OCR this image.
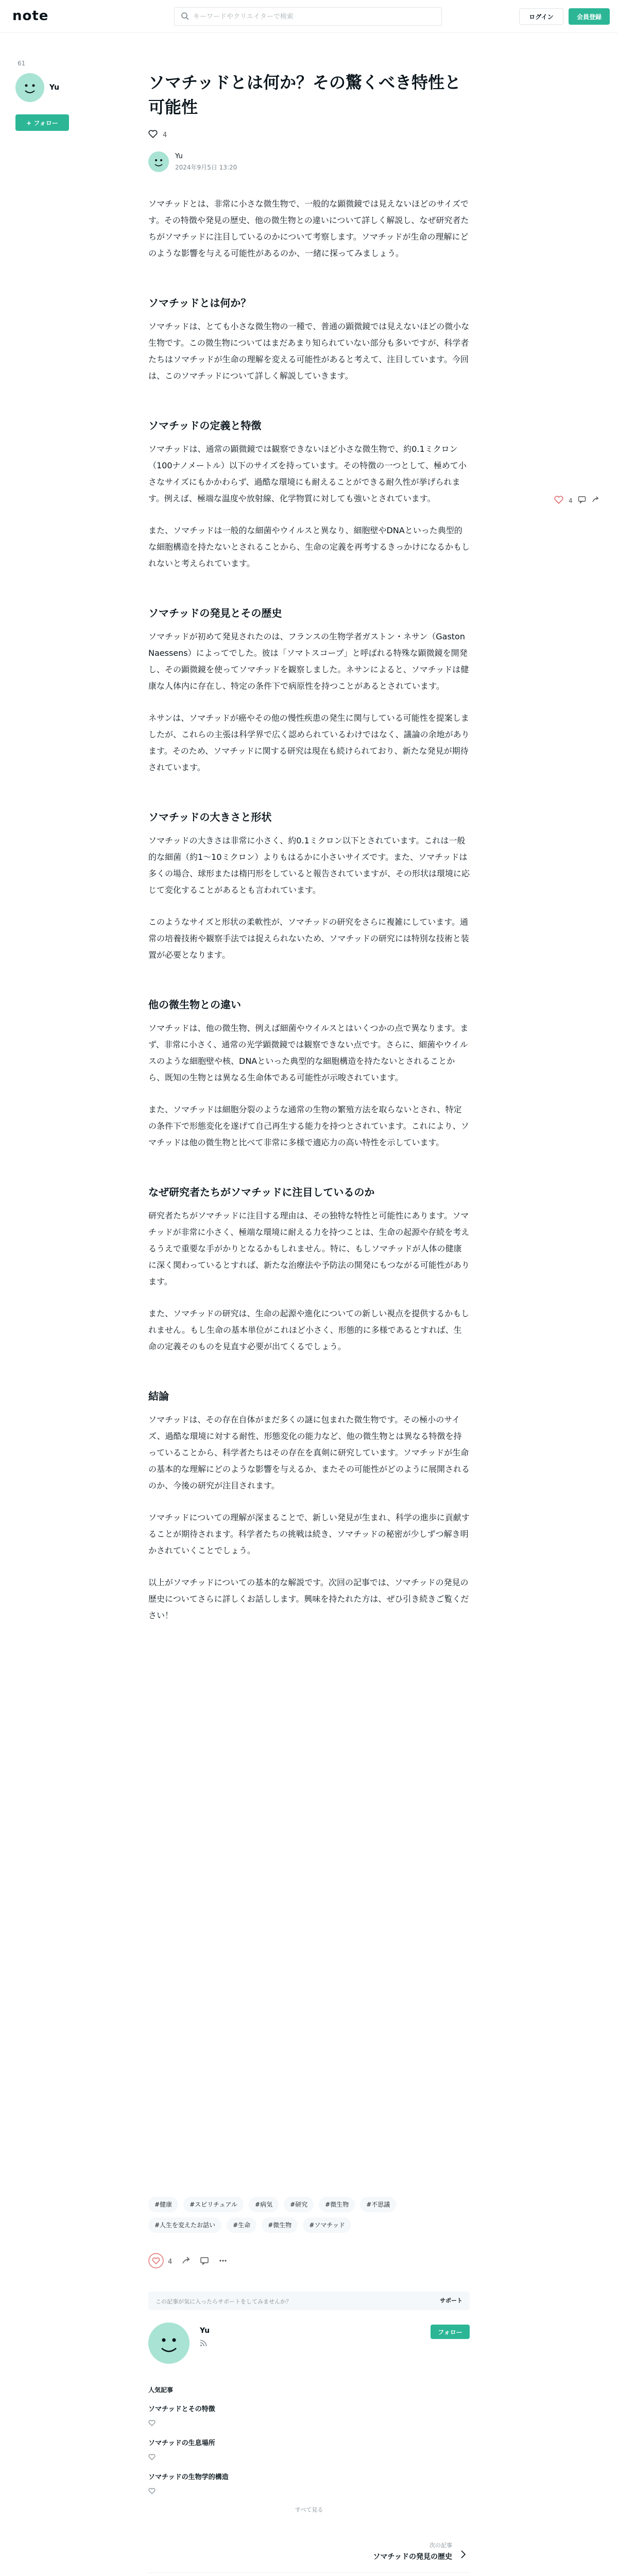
note
キーワードやクリエイターで検索	ログイン	会員登録
61
Yu
+ フォロー
4
ソマチッドとは何か？その驚くべき特性と可能性
4
Yu
2024年9月5日 13:20

ソマチッドとは、非常に小さな微生物で、一般的な顕微鏡では見えないほどのサイズです。その特徴や発見の歴史、他の微生物との違いについて詳しく解説し、なぜ研究者たちがソマチッドに注目しているのかについて考察します。ソマチッドが生命の理解にどのような影響を与える可能性があるのか、一緒に探ってみましょう。

ソマチッドとは何か？

ソマチッドは、とても小さな微生物の一種で、普通の顕微鏡では見えないほどの微小な生物です。この微生物についてはまだあまり知られていない部分も多いですが、科学者たちはソマチッドが生命の理解を変える可能性があると考えて、注目しています。今回は、このソマチッドについて詳しく解説していきます。

ソマチッドの定義と特徴

ソマチッドは、通常の顕微鏡では観察できないほど小さな微生物で、約0.1ミクロン（100ナノメートル）以下のサイズを持っています。その特徴の一つとして、極めて小さなサイズにもかかわらず、過酷な環境にも耐えることができる耐久性が挙げられます。例えば、極端な温度や放射線、化学物質に対しても強いとされています。

また、ソマチッドは一般的な細菌やウイルスと異なり、細胞壁やDNAといった典型的な細胞構造を持たないとされることから、生命の定義を再考するきっかけになるかもしれないと考えられています。

ソマチッドの発見とその歴史

ソマチッドが初めて発見されたのは、フランスの生物学者ガストン・ネサン（Gaston Naessens）によってでした。彼は「ソマトスコープ」と呼ばれる特殊な顕微鏡を開発し、その顕微鏡を使ってソマチッドを観察しました。ネサンによると、ソマチッドは健康な人体内に存在し、特定の条件下で病原性を持つことがあるとされています。

ネサンは、ソマチッドが癌やその他の慢性疾患の発生に関与している可能性を提案しましたが、これらの主張は科学界で広く認められているわけではなく、議論の余地があります。そのため、ソマチッドに関する研究は現在も続けられており、新たな発見が期待されています。

ソマチッドの大きさと形状

ソマチッドの大きさは非常に小さく、約0.1ミクロン以下とされています。これは一般的な細菌（約1〜10ミクロン）よりもはるかに小さいサイズです。また、ソマチッドは多くの場合、球形または楕円形をしていると報告されていますが、その形状は環境に応じて変化することがあるとも言われています。

このようなサイズと形状の柔軟性が、ソマチッドの研究をさらに複雑にしています。通常の培養技術や観察手法では捉えられないため、ソマチッドの研究には特別な技術と装置が必要となります。

他の微生物との違い

ソマチッドは、他の微生物、例えば細菌やウイルスとはいくつかの点で異なります。まず、非常に小さく、通常の光学顕微鏡では観察できない点です。さらに、細菌やウイルスのような細胞壁や核、DNAといった典型的な細胞構造を持たないとされることから、既知の生物とは異なる生命体である可能性が示唆されています。

また、ソマチッドは細胞分裂のような通常の生物の繁殖方法を取らないとされ、特定の条件下で形態変化を遂げて自己再生する能力を持つとされています。これにより、ソマチッドは他の微生物と比べて非常に多様で適応力の高い特性を示しています。

なぜ研究者たちがソマチッドに注目しているのか

研究者たちがソマチッドに注目する理由は、その独特な特性と可能性にあります。ソマチッドが非常に小さく、極端な環境に耐える力を持つことは、生命の起源や存続を考えるうえで重要な手がかりとなるかもしれません。特に、もしソマチッドが人体の健康に深く関わっているとすれば、新たな治療法や予防法の開発にもつながる可能性があります。

また、ソマチッドの研究は、生命の起源や進化についての新しい視点を提供するかもしれません。もし生命の基本単位がこれほど小さく、形態的に多様であるとすれば、生命の定義そのものを見直す必要が出てくるでしょう。

結論

ソマチッドは、その存在自体がまだ多くの謎に包まれた微生物です。その極小のサイズ、過酷な環境に対する耐性、形態変化の能力など、他の微生物とは異なる特徴を持っていることから、科学者たちはその存在を真剣に研究しています。ソマチッドが生命の基本的な理解にどのような影響を与えるか、またその可能性がどのように展開されるのか、今後の研究が注目されます。

ソマチッドについての理解が深まることで、新しい発見が生まれ、科学の進歩に貢献することが期待されます。科学者たちの挑戦は続き、ソマチッドの秘密が少しずつ解き明かされていくことでしょう。

以上がソマチッドについての基本的な解説です。次回の記事では、ソマチッドの発見の歴史についてさらに詳しくお話しします。興味を持たれた方は、ぜひ引き続きご覧ください！

#健康	#スピリチュアル	#病気	#研究	#微生物	#不思議
#人生を変えたお話い	#生命	#微生物	#ソマチッド
4
この記事が気に入ったらサポートをしてみませんか？	サポート
Yu	フォロー
人気記事
ソマチッドとその特徴
ソマチッドの生息場所
ソマチッドの生物学的構造
すべて見る
次の記事
ソマチッドの発見の歴史
